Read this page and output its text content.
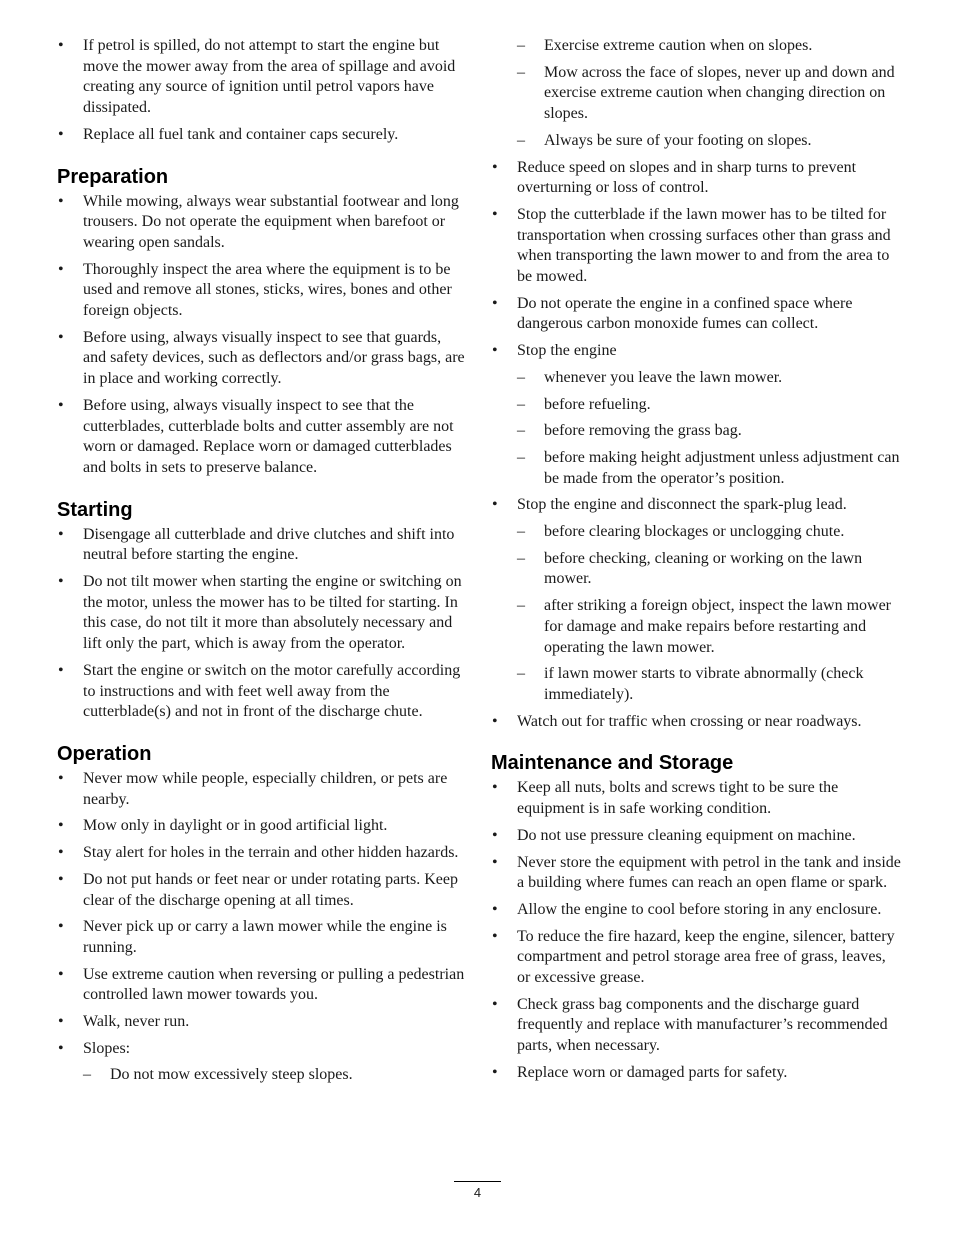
• If petrol is spilled, do not attempt to start the engine but move the mower away from the area of spillage and avoid creating any source of ignition until petrol vapors have dissipated.
• Replace all fuel tank and container caps securely.
Preparation
• While mowing, always wear substantial footwear and long trousers. Do not operate the equipment when barefoot or wearing open sandals.
• Thoroughly inspect the area where the equipment is to be used and remove all stones, sticks, wires, bones and other foreign objects.
• Before using, always visually inspect to see that guards, and safety devices, such as deflectors and/or grass bags, are in place and working correctly.
• Before using, always visually inspect to see that the cutterblades, cutterblade bolts and cutter assembly are not worn or damaged. Replace worn or damaged cutterblades and bolts in sets to preserve balance.
Starting
• Disengage all cutterblade and drive clutches and shift into neutral before starting the engine.
• Do not tilt mower when starting the engine or switching on the motor, unless the mower has to be tilted for starting. In this case, do not tilt it more than absolutely necessary and lift only the part, which is away from the operator.
• Start the engine or switch on the motor carefully according to instructions and with feet well away from the cutterblade(s) and not in front of the discharge chute.
Operation
• Never mow while people, especially children, or pets are nearby.
• Mow only in daylight or in good artificial light.
• Stay alert for holes in the terrain and other hidden hazards.
• Do not put hands or feet near or under rotating parts. Keep clear of the discharge opening at all times.
• Never pick up or carry a lawn mower while the engine is running.
• Use extreme caution when reversing or pulling a pedestrian controlled lawn mower towards you.
• Walk, never run.
• Slopes:
– Do not mow excessively steep slopes.
– Exercise extreme caution when on slopes.
– Mow across the face of slopes, never up and down and exercise extreme caution when changing direction on slopes.
– Always be sure of your footing on slopes.
• Reduce speed on slopes and in sharp turns to prevent overturning or loss of control.
• Stop the cutterblade if the lawn mower has to be tilted for transportation when crossing surfaces other than grass and when transporting the lawn mower to and from the area to be mowed.
• Do not operate the engine in a confined space where dangerous carbon monoxide fumes can collect.
• Stop the engine
– whenever you leave the lawn mower.
– before refueling.
– before removing the grass bag.
– before making height adjustment unless adjustment can be made from the operator’s position.
• Stop the engine and disconnect the spark-plug lead.
– before clearing blockages or unclogging chute.
– before checking, cleaning or working on the lawn mower.
– after striking a foreign object, inspect the lawn mower for damage and make repairs before restarting and operating the lawn mower.
– if lawn mower starts to vibrate abnormally (check immediately).
• Watch out for traffic when crossing or near roadways.
Maintenance and Storage
• Keep all nuts, bolts and screws tight to be sure the equipment is in safe working condition.
• Do not use pressure cleaning equipment on machine.
• Never store the equipment with petrol in the tank and inside a building where fumes can reach an open flame or spark.
• Allow the engine to cool before storing in any enclosure.
• To reduce the fire hazard, keep the engine, silencer, battery compartment and petrol storage area free of grass, leaves, or excessive grease.
• Check grass bag components and the discharge guard frequently and replace with manufacturer’s recommended parts, when necessary.
• Replace worn or damaged parts for safety.
4
